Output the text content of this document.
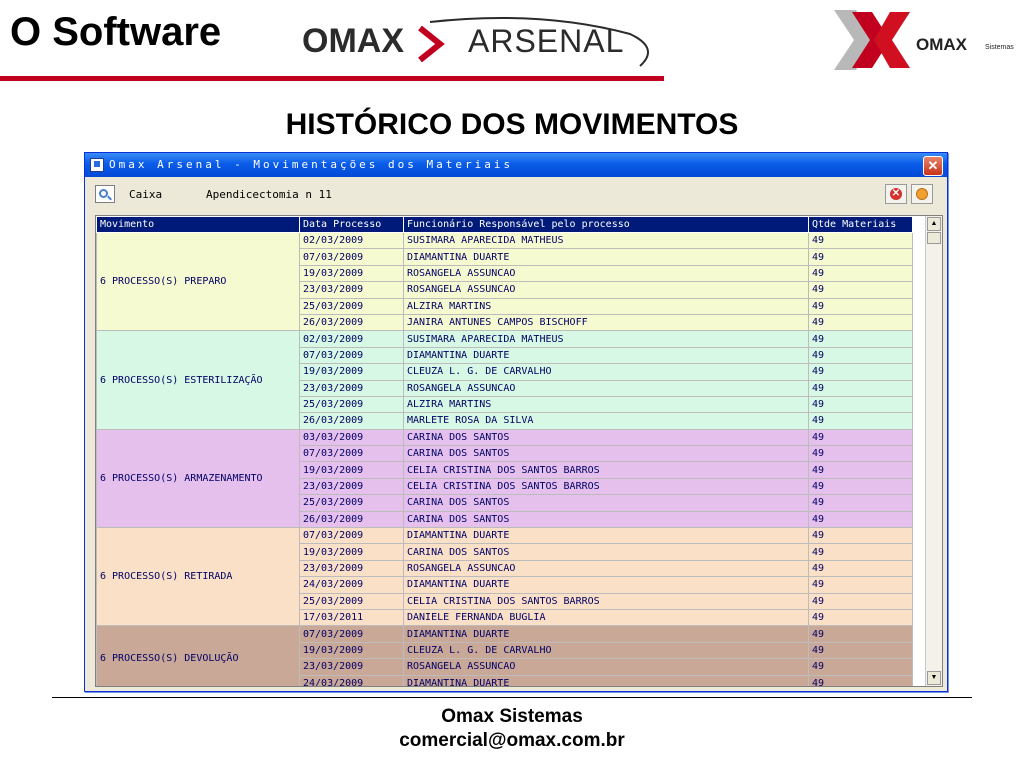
O Software OMAX ARSENAL	OMAX	Sistemas
HISTÓRICO DOS MOVIMENTOS
Omax Arsenal - Movimentações dos Materiais	✕
Caixa	Apendicectomia n 11	✕
Movimento	Data Processo	Funcionário Responsável pelo processo	Qtde Materiais
6 PROCESSO(S) PREPARO	02/03/2009	SUSIMARA APARECIDA MATHEUS	49
	07/03/2009	DIAMANTINA DUARTE	49
	19/03/2009	ROSANGELA ASSUNCAO	49
	23/03/2009	ROSANGELA ASSUNCAO	49
	25/03/2009	ALZIRA MARTINS	49
	26/03/2009	JANIRA ANTUNES CAMPOS BISCHOFF	49
6 PROCESSO(S) ESTERILIZAÇÃO	02/03/2009	SUSIMARA APARECIDA MATHEUS	49
	07/03/2009	DIAMANTINA DUARTE	49
	19/03/2009	CLEUZA L. G. DE CARVALHO	49
	23/03/2009	ROSANGELA ASSUNCAO	49
	25/03/2009	ALZIRA MARTINS	49
	26/03/2009	MARLETE ROSA DA SILVA	49
6 PROCESSO(S) ARMAZENAMENTO	03/03/2009	CARINA DOS SANTOS	49
	07/03/2009	CARINA DOS SANTOS	49
	19/03/2009	CELIA CRISTINA DOS SANTOS BARROS	49
	23/03/2009	CELIA CRISTINA DOS SANTOS BARROS	49
	25/03/2009	CARINA DOS SANTOS	49
	26/03/2009	CARINA DOS SANTOS	49
6 PROCESSO(S) RETIRADA	07/03/2009	DIAMANTINA DUARTE	49
	19/03/2009	CARINA DOS SANTOS	49
	23/03/2009	ROSANGELA ASSUNCAO	49
	24/03/2009	DIAMANTINA DUARTE	49
	25/03/2009	CELIA CRISTINA DOS SANTOS BARROS	49
	17/03/2011	DANIELE FERNANDA BUGLIA	49
6 PROCESSO(S) DEVOLUÇÃO	07/03/2009	DIAMANTINA DUARTE	49
	19/03/2009	CLEUZA L. G. DE CARVALHO	49
	23/03/2009	ROSANGELA ASSUNCAO	49
	24/03/2009	DIAMANTINA DUARTE	49
▲
▼
Omax Sistemas
comercial@omax.com.br
